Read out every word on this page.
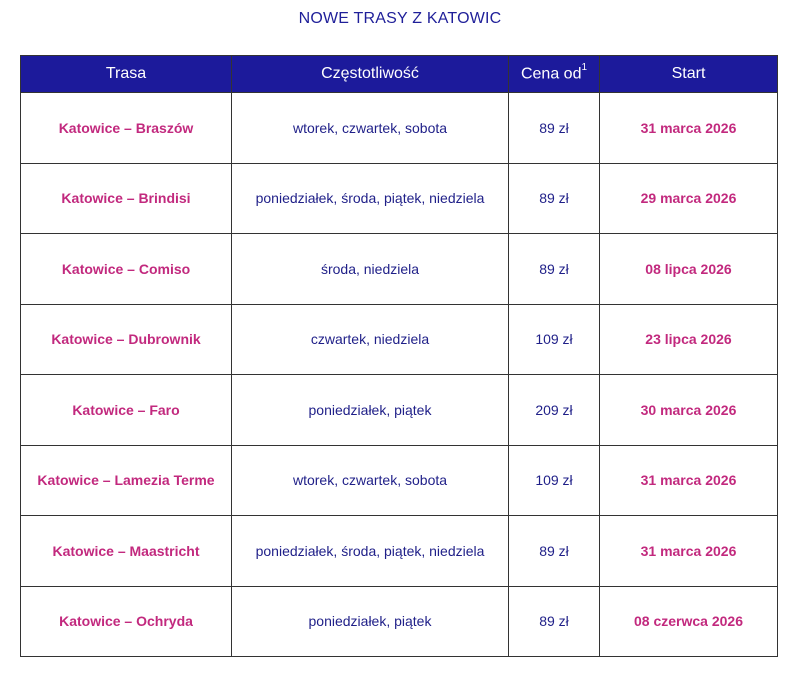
NOWE TRASY Z KATOWIC
Trasa	Częstotliwość	Cena $od^1$	Start
Katowice – Braszów	wtorek, czwartek, sobota	89 zł	31 marca 2026
Katowice – Brindisi	poniedziałek, środa, piątek, niedziela	89 zł	29 marca 2026
Katowice – Comiso	środa, niedziela	89 zł	08 lipca 2026
Katowice – Dubrownik	czwartek, niedziela	109 zł	23 lipca 2026
Katowice – Faro	poniedziałek, piątek	209 zł	30 marca 2026
Katowice – Lamezia Terme	wtorek, czwartek, sobota	109 zł	31 marca 2026
Katowice – Maastricht	poniedziałek, środa, piątek, niedziela	89 zł	31 marca 2026
Katowice – Ochryda	poniedziałek, piątek	89 zł	08 czerwca 2026
